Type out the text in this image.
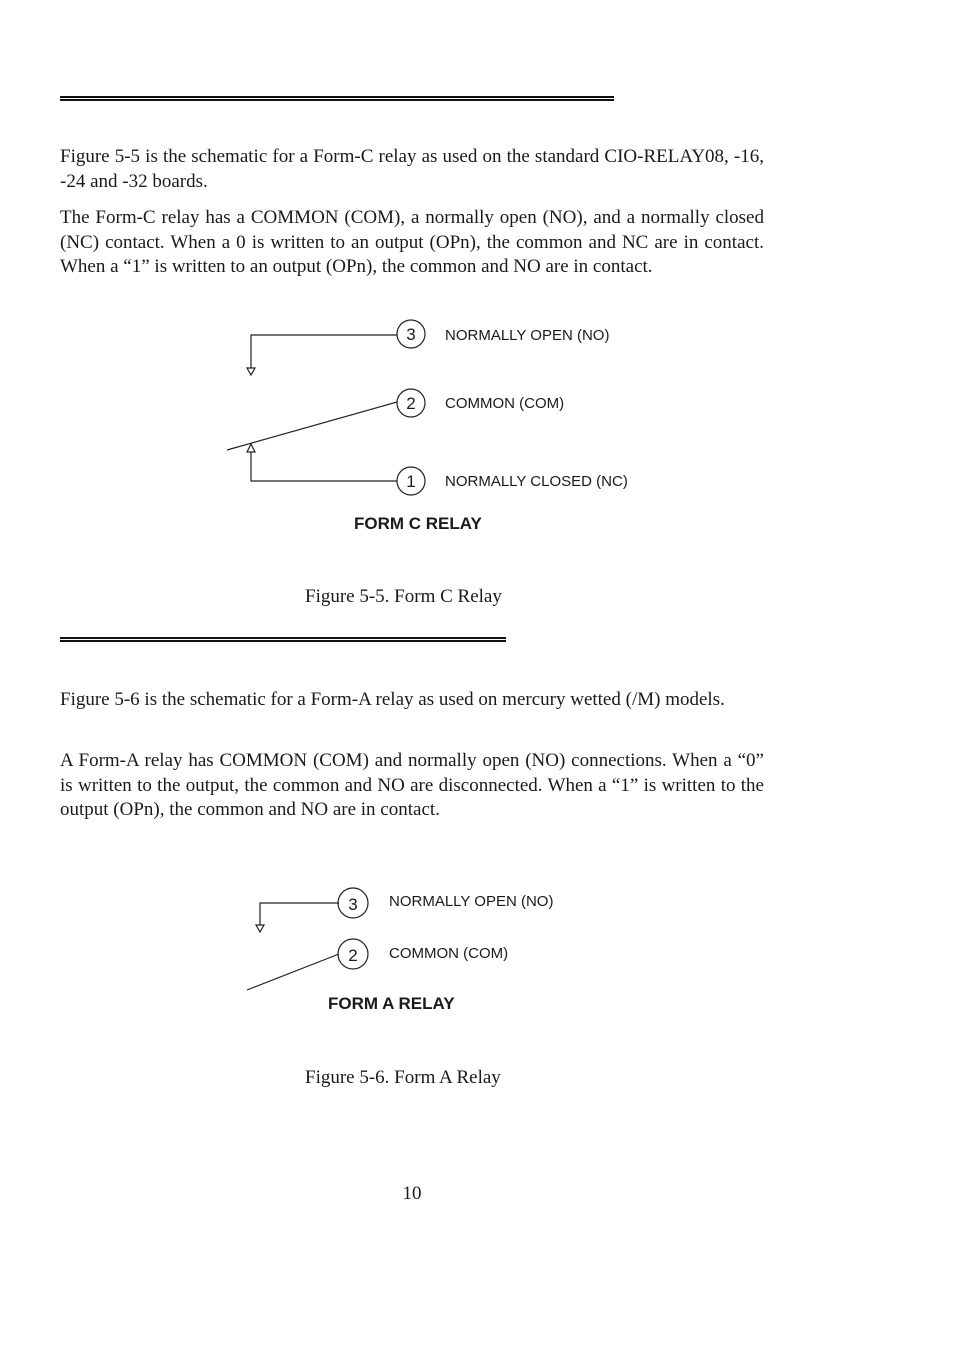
Figure 5-5 is the schematic for a Form-C relay as used on the standard CIO-RELAY08, -16, -24 and -32 boards.

The Form-C relay has a COMMON (COM), a normally open (NO), and a normally closed (NC) contact. When a 0 is written to an output (OPn), the common and NC are in contact. When a “1” is written to an output (OPn), the common and NO are in contact.

3
2
1
NORMALLY OPEN (NO)
COMMON (COM)
NORMALLY CLOSED (NC)
FORM C RELAY
Figure 5-5. Form C Relay

Figure 5-6 is the schematic for a Form-A relay as used on mercury wetted (/M) models.

A Form-A relay has COMMON (COM) and normally open (NO) connections. When a “0” is written to the output, the common and NO are disconnected. When a “1” is written to the output (OPn), the common and NO are in contact.

3
2
NORMALLY OPEN (NO)
COMMON (COM)
FORM A RELAY
Figure 5-6. Form A Relay
10
